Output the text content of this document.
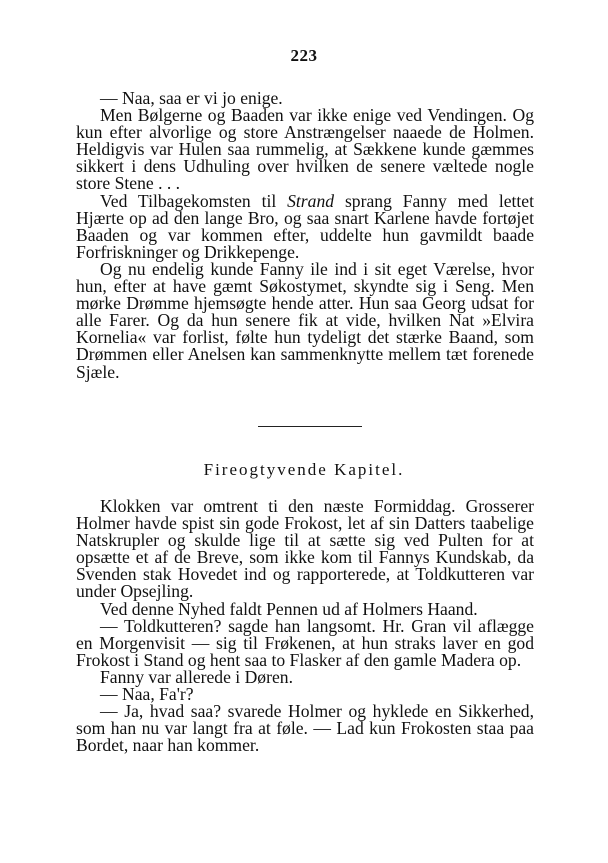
223

— Naa, saa er vi jo enige.

Men Bølgerne og Baaden var ikke enige ved Vendingen. Og kun efter alvorlige og store Anstrængelser naaede de Holmen. Heldigvis var Hulen saa rummelig, at Sækkene kunde gæmmes sikkert i dens Udhuling over hvilken de senere væltede nogle store Stene . . .

Ved Tilbagekomsten til Strand sprang Fanny med lettet Hjærte op ad den lange Bro, og saa snart Karlene havde fortøjet Baaden og var kommen efter, uddelte hun gavmildt baade Forfriskninger og Drikkepenge.

Og nu endelig kunde Fanny ile ind i sit eget Værelse, hvor hun, efter at have gæmt Søkostymet, skyndte sig i Seng. Men mørke Drømme hjemsøgte hende atter. Hun saa Georg udsat for alle Farer. Og da hun senere fik at vide, hvilken Nat »Elvira Kornelia« var forlist, følte hun tydeligt det stærke Baand, som Drømmen eller Anelsen kan sammenknytte mellem tæt forenede Sjæle.

Fireogtyvende Kapitel.

Klokken var omtrent ti den næste Formiddag. Grosserer Holmer havde spist sin gode Frokost, let af sin Datters taabelige Natskrupler og skulde lige til at sætte sig ved Pulten for at opsætte et af de Breve, som ikke kom til Fannys Kundskab, da Svenden stak Hovedet ind og rapporterede, at Toldkutteren var under Opsejling.

Ved denne Nyhed faldt Pennen ud af Holmers Haand.

— Toldkutteren? sagde han langsomt. Hr. Gran vil aflægge en Morgenvisit — sig til Frøkenen, at hun straks laver en god Frokost i Stand og hent saa to Flasker af den gamle Madera op.

Fanny var allerede i Døren.

— Naa, Fa'r?

— Ja, hvad saa? svarede Holmer og hyklede en Sikkerhed, som han nu var langt fra at føle. — Lad kun Frokosten staa paa Bordet, naar han kommer.
